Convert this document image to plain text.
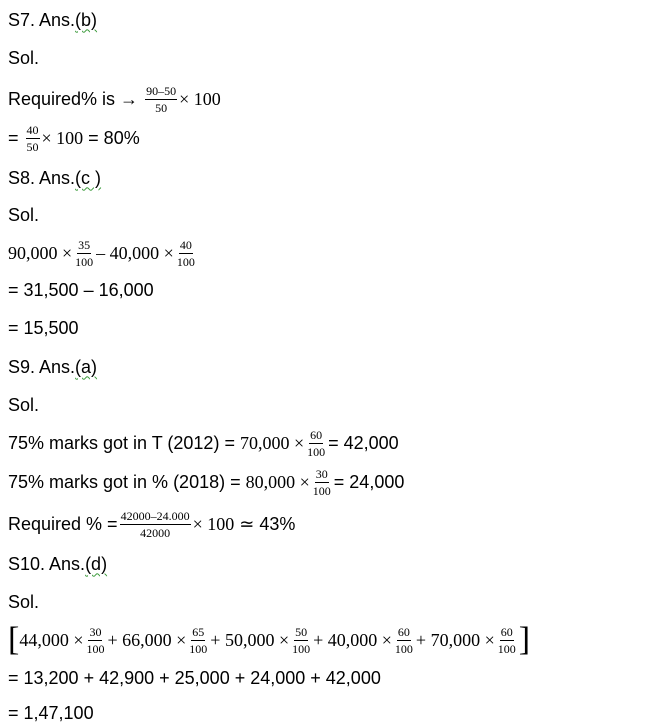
S7. Ans. (b)
Sol.
Required% is → $\frac{90-50}{50} \times 100$
= $\frac{40}{50} \times 100 = 80\%$
S8. Ans. (c )
Sol.
$90,000 \times \frac{35}{100} - 40,000 \times \frac{40}{100}$
= 31,500 – 16,000
= 15,500
S9. Ans. (a)
Sol.
75% marks got in T $(2012) = 70,000 \times \frac{60}{100} = 42,000$
75% marks got in % $(2018) = 80,000 \times \frac{30}{100} = 24,000$
Required % = $\frac{42000-24.000}{42000} \times 100$ ≃ 43%
S10. Ans. (d)
Sol.
[ $44,000 \times \frac{30}{100} + 66,000 \times \frac{65}{100} + 50,000 \times \frac{50}{100} + 40,000 \times \frac{60}{100} + 70,000 \times \frac{60}{100}$ ]
= 13,200 + 42,900 + 25,000 + 24,000 + 42,000
= 1,47,100
